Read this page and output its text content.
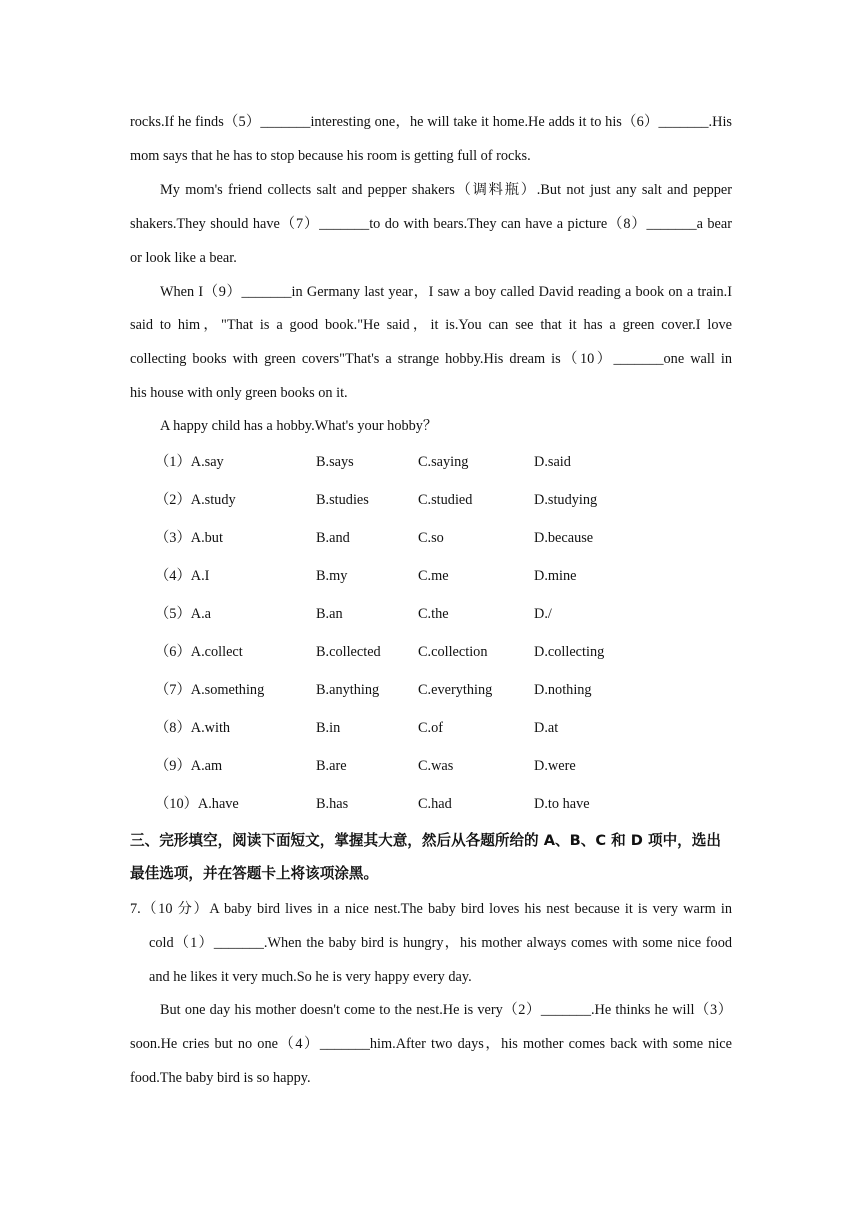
rocks.If he finds（5）_______interesting one，he will take it home.He adds it to his（6）_______.His
mom says that he has to stop because his room is getting full of rocks.
My mom's friend collects salt and pepper shakers（调料瓶）.But not just any salt and pepper
shakers.They should have（7）_______to do with bears.They can have a picture（8）_______a bear
or look like a bear.
When I（9）_______in Germany last year，I saw a boy called David reading a book on a train.I
said to him，"That is a good book."He said，it is.You can see that it has a green cover.I love
collecting books with green covers"That's a strange hobby.His dream is（10）_______one wall in
his house with only green books on it.
A happy child has a hobby.What's your hobby？
（1）A.say	B.says	C.saying	D.said
（2）A.study	B.studies	C.studied	D.studying
（3）A.but	B.and	C.so	D.because
（4）A.I	B.my	C.me	D.mine
（5）A.a	B.an	C.the	D./
（6）A.collect	B.collected	C.collection	D.collecting
（7）A.something	B.anything	C.everything	D.nothing
（8）A.with	B.in	C.of	D.at
（9）A.am	B.are	C.was	D.were
（10）A.have	B.has	C.had	D.to have
三、完形填空，阅读下面短文，掌握其大意，然后从各题所给的 A、B、C 和 D 项中，选出
最佳选项，并在答题卡上将该项涂黑。
7.（10 分）A baby bird lives in a nice nest.The baby bird loves his nest because it is very warm in
cold（1）_______.When the baby bird is hungry，his mother always comes with some nice food
and he likes it very much.So he is very happy every day.
But one day his mother doesn't come to the nest.He is very（2）_______.He thinks he will（3）
soon.He cries but no one（4）_______him.After two days，his mother comes back with some nice
food.The baby bird is so happy.
